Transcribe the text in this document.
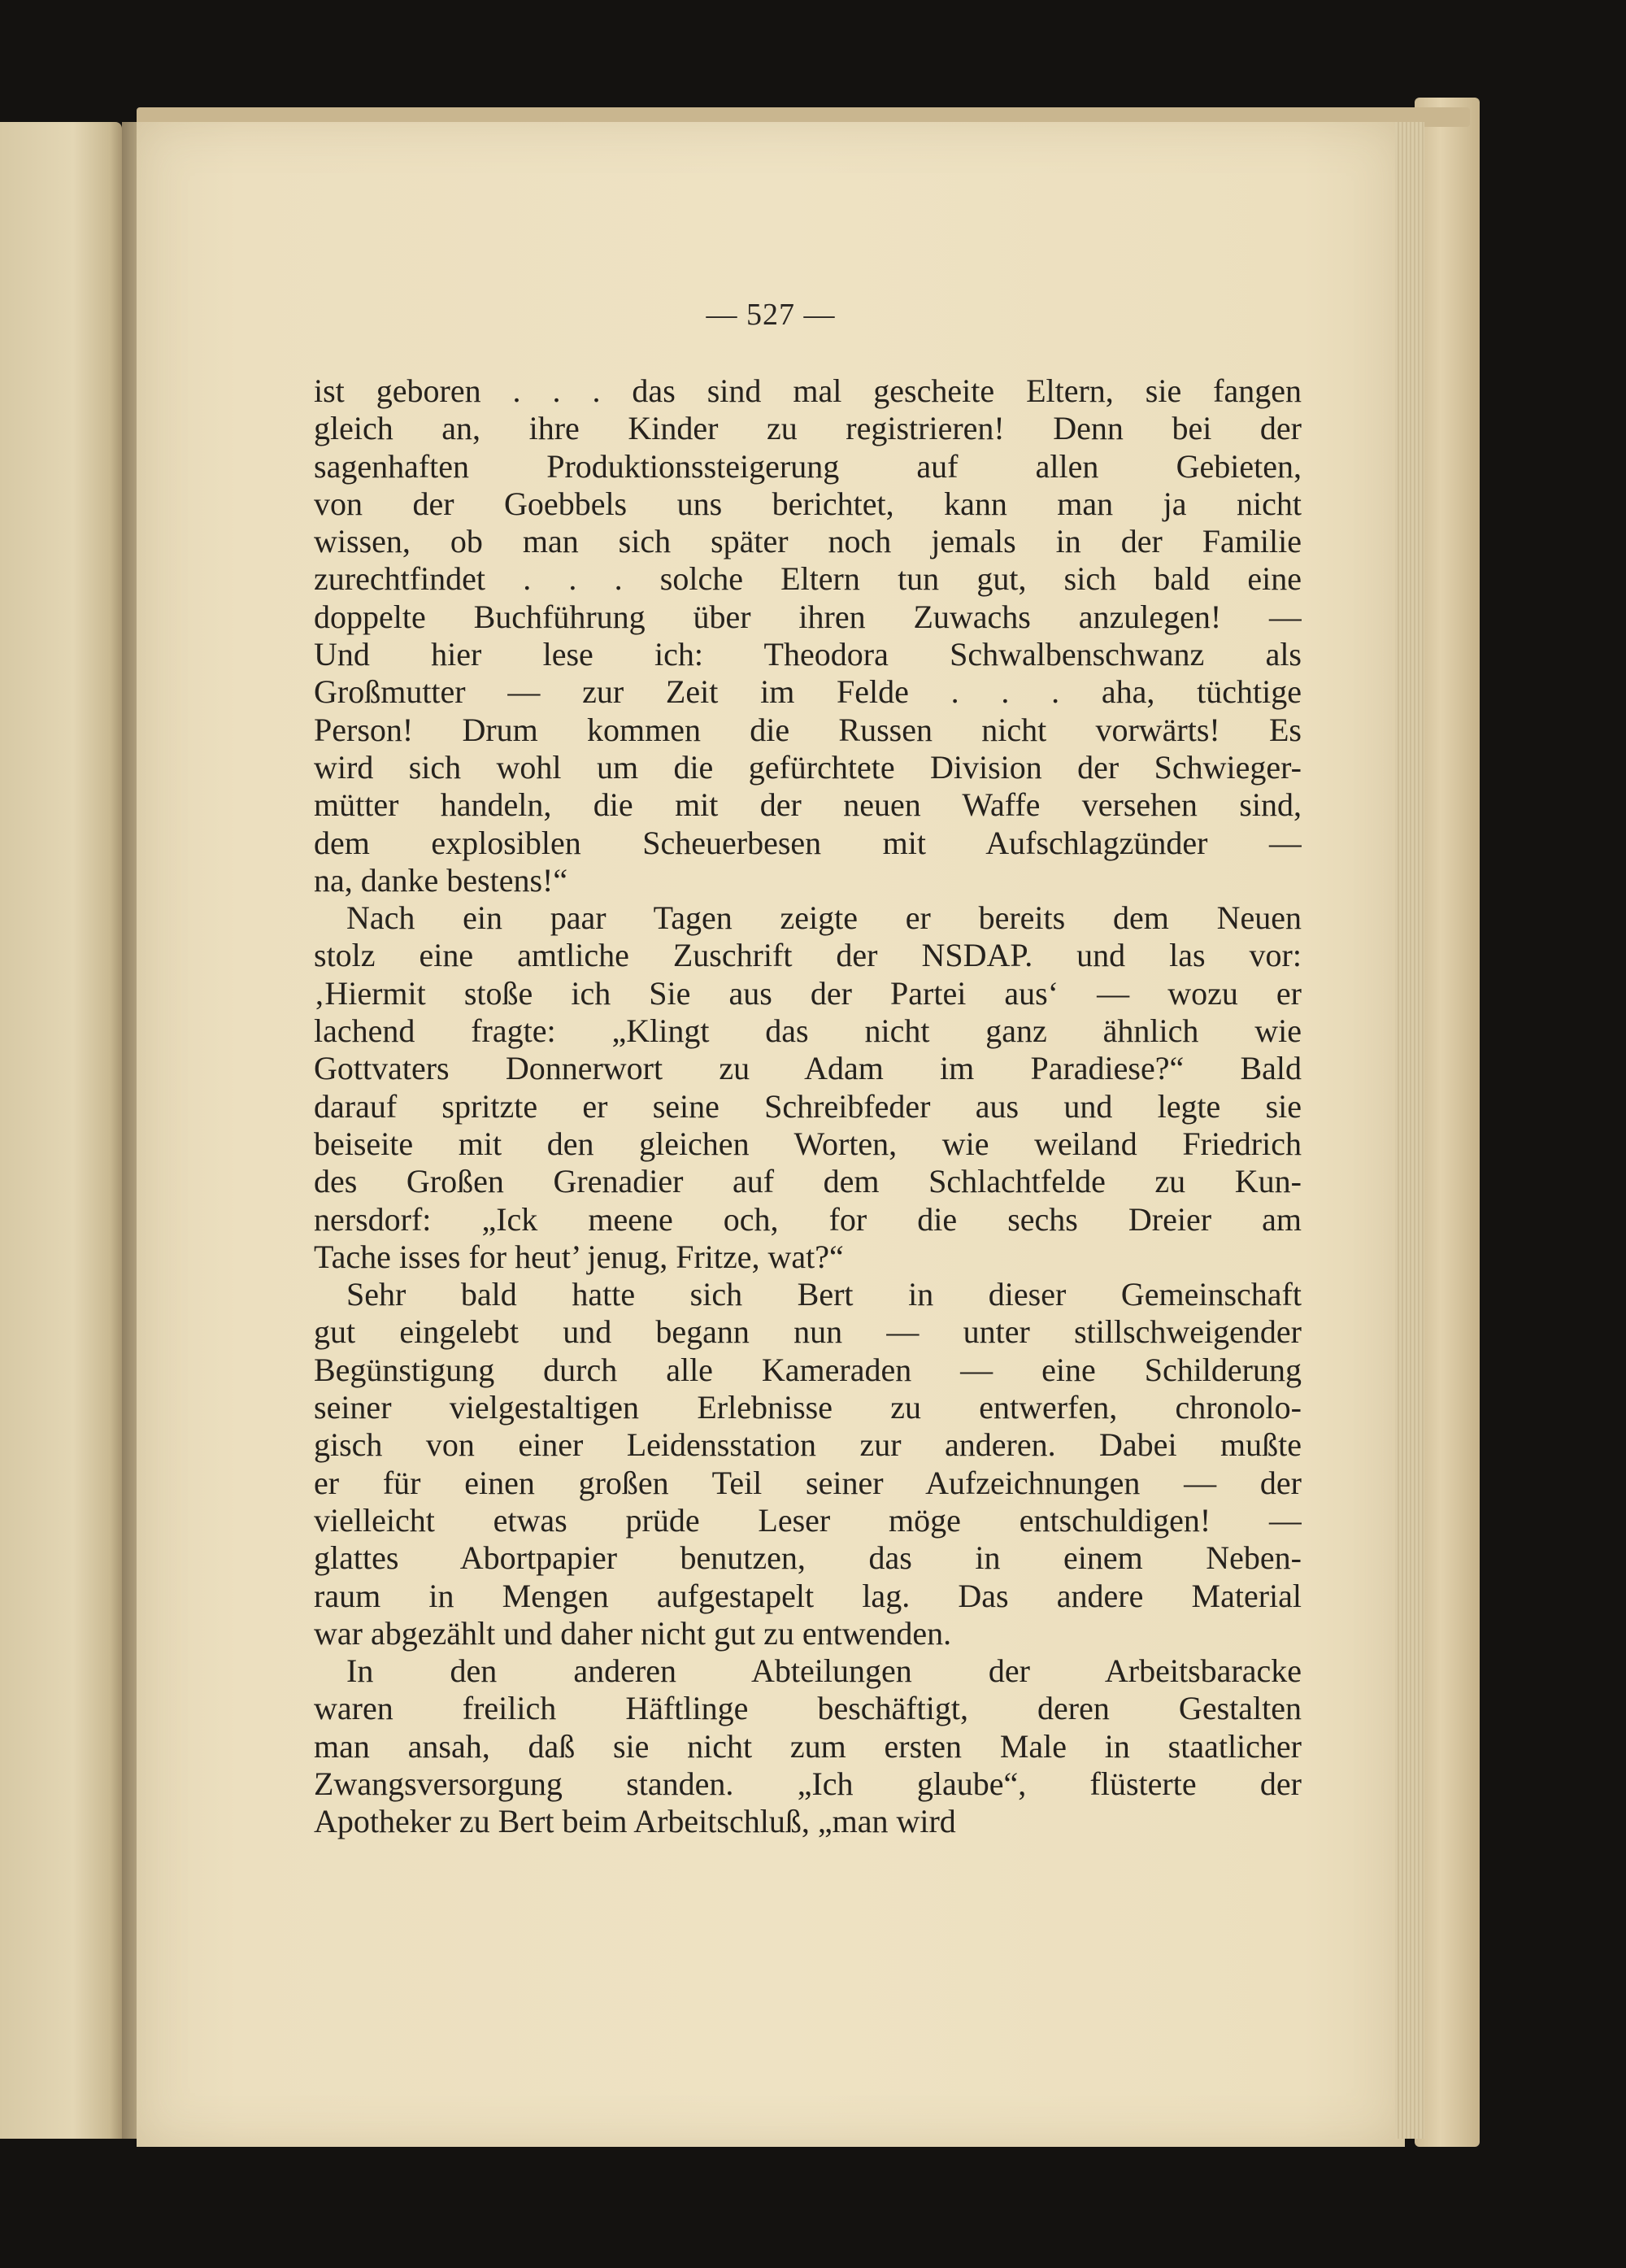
— 527 —
ist geboren . . . das sind mal gescheite Eltern, sie fangen
gleich an, ihre Kinder zu registrieren! Denn bei der
sagenhaften Produktionssteigerung auf allen Gebieten,
von der Goebbels uns berichtet, kann man ja nicht
wissen, ob man sich später noch jemals in der Familie
zurechtfindet . . . solche Eltern tun gut, sich bald eine
doppelte Buchführung über ihren Zuwachs anzulegen! —
Und hier lese ich: Theodora Schwalbenschwanz als
Großmutter — zur Zeit im Felde . . . aha, tüchtige
Person! Drum kommen die Russen nicht vorwärts! Es
wird sich wohl um die gefürchtete Division der Schwieger-
mütter handeln, die mit der neuen Waffe versehen sind,
dem explosiblen Scheuerbesen mit Aufschlagzünder —
na, danke bestens!“
Nach ein paar Tagen zeigte er bereits dem Neuen
stolz eine amtliche Zuschrift der NSDAP. und las vor:
‚Hiermit stoße ich Sie aus der Partei aus‘ — wozu er
lachend fragte: „Klingt das nicht ganz ähnlich wie
Gottvaters Donnerwort zu Adam im Paradiese?“ Bald
darauf spritzte er seine Schreibfeder aus und legte sie
beiseite mit den gleichen Worten, wie weiland Friedrich
des Großen Grenadier auf dem Schlachtfelde zu Kun-
nersdorf: „Ick meene och, for die sechs Dreier am
Tache isses for heut’ jenug, Fritze, wat?“
Sehr bald hatte sich Bert in dieser Gemeinschaft
gut eingelebt und begann nun — unter stillschweigender
Begünstigung durch alle Kameraden — eine Schilderung
seiner vielgestaltigen Erlebnisse zu entwerfen, chronolo-
gisch von einer Leidensstation zur anderen. Dabei mußte
er für einen großen Teil seiner Aufzeichnungen — der
vielleicht etwas prüde Leser möge entschuldigen! —
glattes Abortpapier benutzen, das in einem Neben-
raum in Mengen aufgestapelt lag. Das andere Material
war abgezählt und daher nicht gut zu entwenden.
In den anderen Abteilungen der Arbeitsbaracke
waren freilich Häftlinge beschäftigt, deren Gestalten
man ansah, daß sie nicht zum ersten Male in staatlicher
Zwangsversorgung standen. „Ich glaube“, flüsterte der
Apotheker zu Bert beim Arbeitschluß, „man wird
